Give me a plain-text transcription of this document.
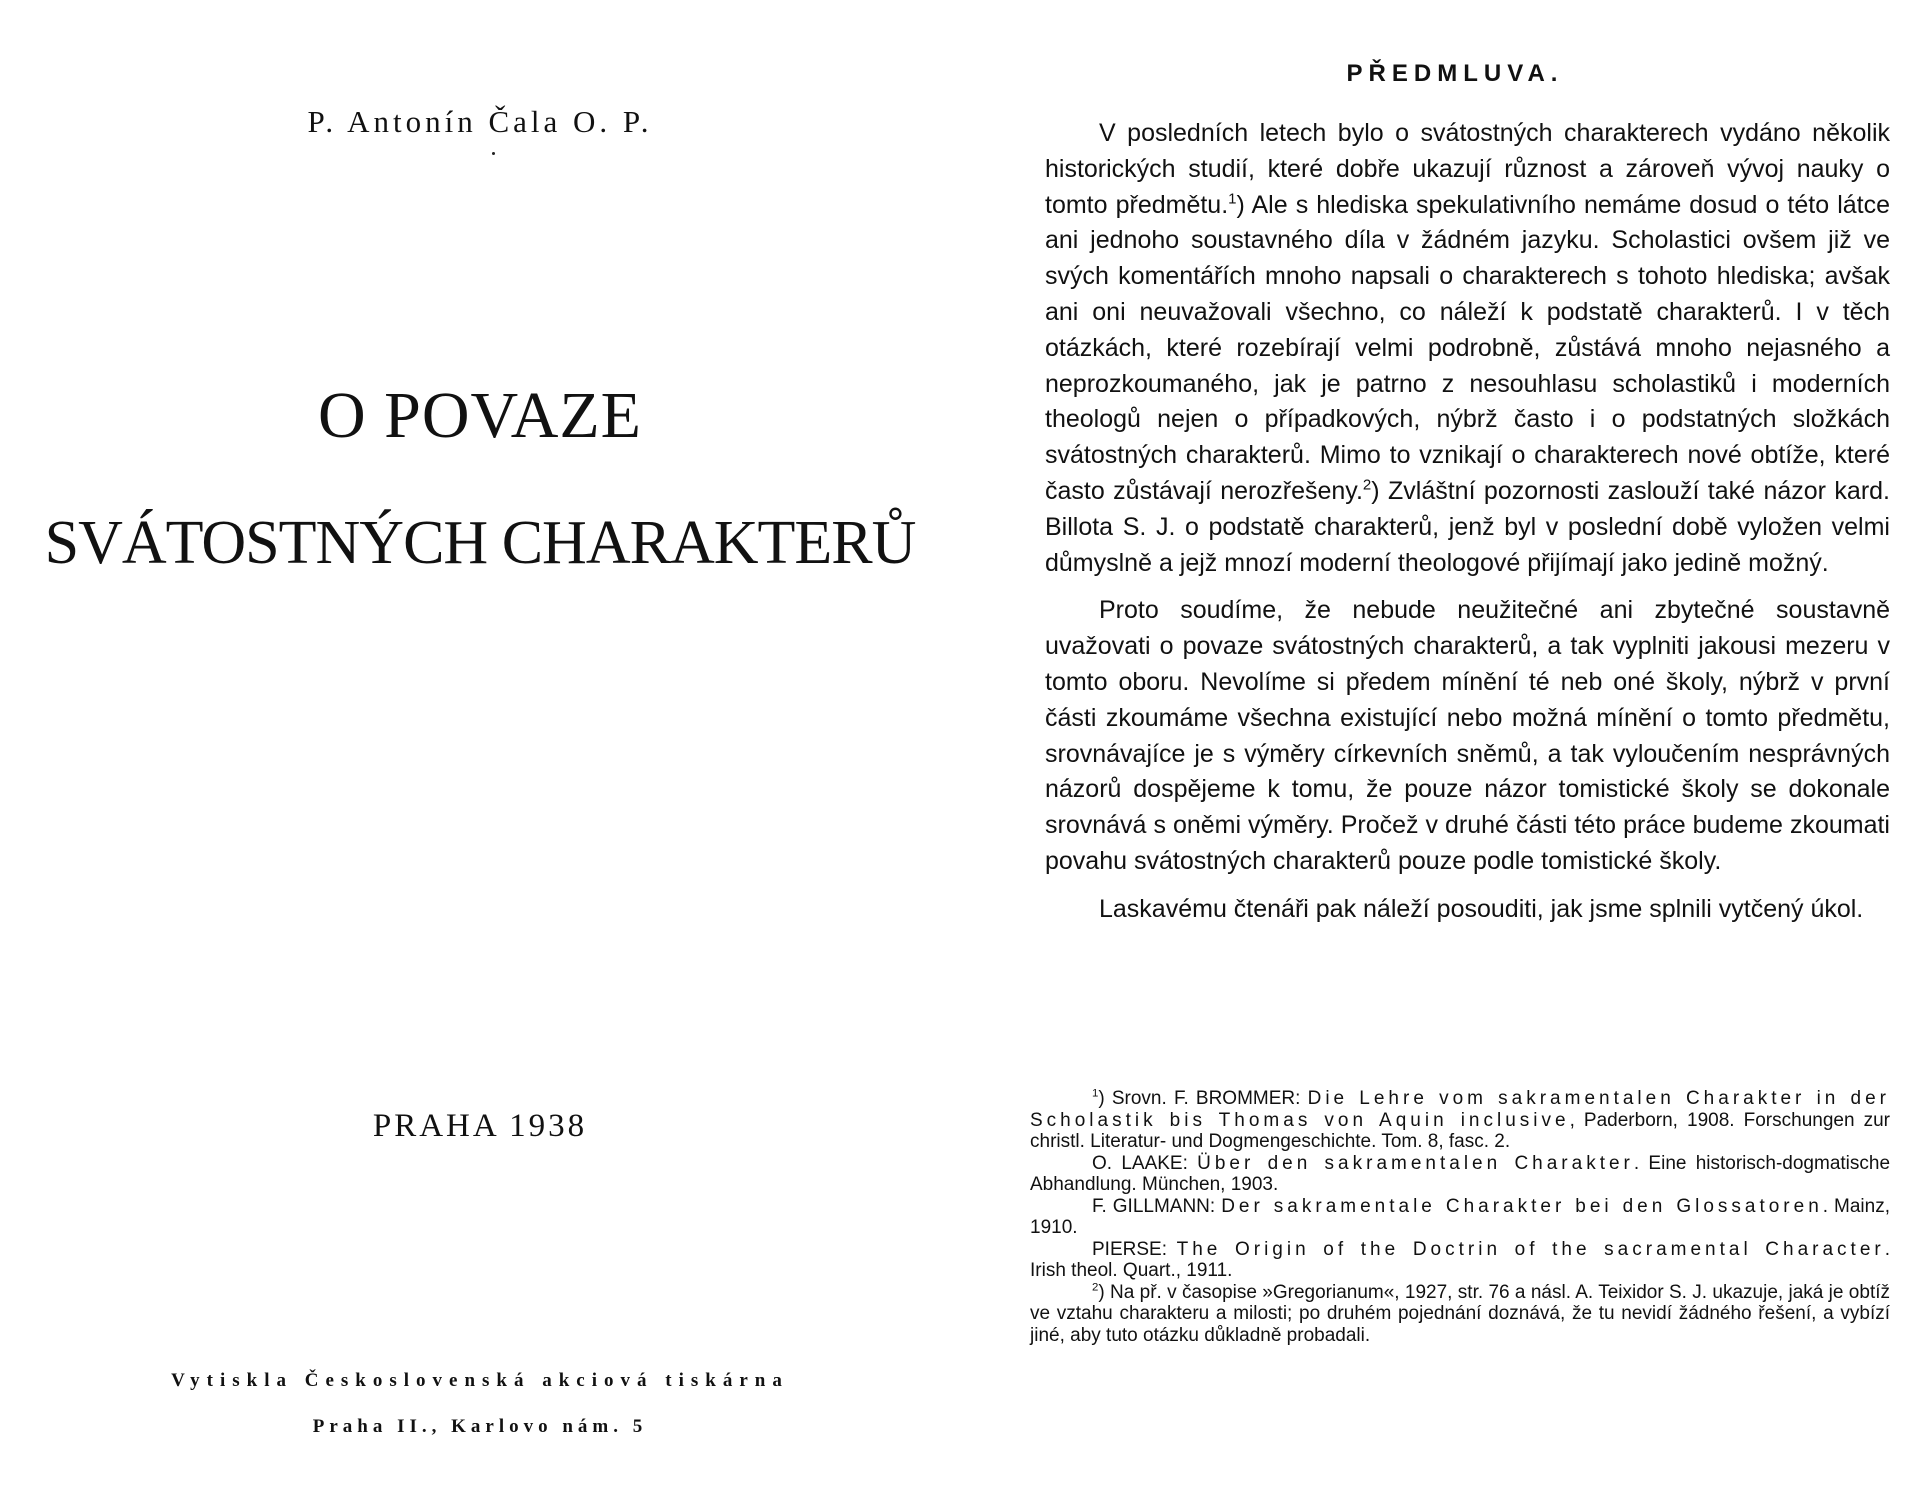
P. Antonín Čala O. P.
O POVAZE
SVÁTOSTNÝCH CHARAKTERŮ
PRAHA 1938
Vytiskla Československá akciová tiskárna
Praha II., Karlovo nám. 5
PŘEDMLUVA.

V posledních letech bylo o svátostných charakterech vydáno několik historických studií, které dobře ukazují různost a zároveň vývoj nauky o tomto předmětu.$^1$) Ale s hlediska spekulativního nemáme dosud o této látce ani jednoho soustavného díla v žádném jazyku. Scholastici ovšem již ve svých komentářích mnoho napsali o charakterech s tohoto hlediska; avšak ani oni neuvažovali všechno, co náleží k podstatě charakterů. I v těch otázkách, které rozebírají velmi podrobně, zůstává mnoho nejasného a neprozkoumaného, jak je patrno z nesouhlasu scholastiků i moderních theologů nejen o případkových, nýbrž často i o podstatných složkách svátostných charakterů. Mimo to vznikají o charakterech nové obtíže, které často zůstávají nerozřešeny.$^2$) Zvláštní pozornosti zaslouží také názor kard. Billota S. J. o podstatě charakterů, jenž byl v poslední době vyložen velmi důmyslně a jejž mnozí moderní theologové přijímají jako jedině možný.

Proto soudíme, že nebude neužitečné ani zbytečné soustavně uvažovati o povaze svátostných charakterů, a tak vyplniti jakousi mezeru v tomto oboru. Nevolíme si předem mínění té neb oné školy, nýbrž v první části zkoumáme všechna existující nebo možná mínění o tomto předmětu, srovnávajíce je s výměry církevních sněmů, a tak vyloučením nesprávných názorů dospějeme k tomu, že pouze názor tomistické školy se dokonale srovnává s oněmi výměry. Pročež v druhé části této práce budeme zkoumati povahu svátostných charakterů pouze podle tomistické školy.

Laskavému čtenáři pak náleží posouditi, jak jsme splnili vytčený úkol.

$^1$) Srovn. F. BROMMER: Die Lehre vom sakramentalen Charakter in der Scholastik bis Thomas von Aquin inclusive, Paderborn, 1908. Forschungen zur christl. Literatur- und Dogmengeschichte. Tom. 8, fasc. 2.

O. LAAKE: Über den sakramentalen Charakter. Eine historisch-dogmatische Abhandlung. München, 1903.

F. GILLMANN: Der sakramentale Charakter bei den Glossatoren. Mainz, 1910.

PIERSE: The Origin of the Doctrin of the sacramental Character. Irish theol. Quart., 1911.

$^2$) Na př. v časopise »Gregorianum«, 1927, str. 76 a násl. A. Teixidor S. J. ukazuje, jaká je obtíž ve vztahu charakteru a milosti; po druhém pojednání doznává, že tu nevidí žádného řešení, a vybízí jiné, aby tuto otázku důkladně probadali.
